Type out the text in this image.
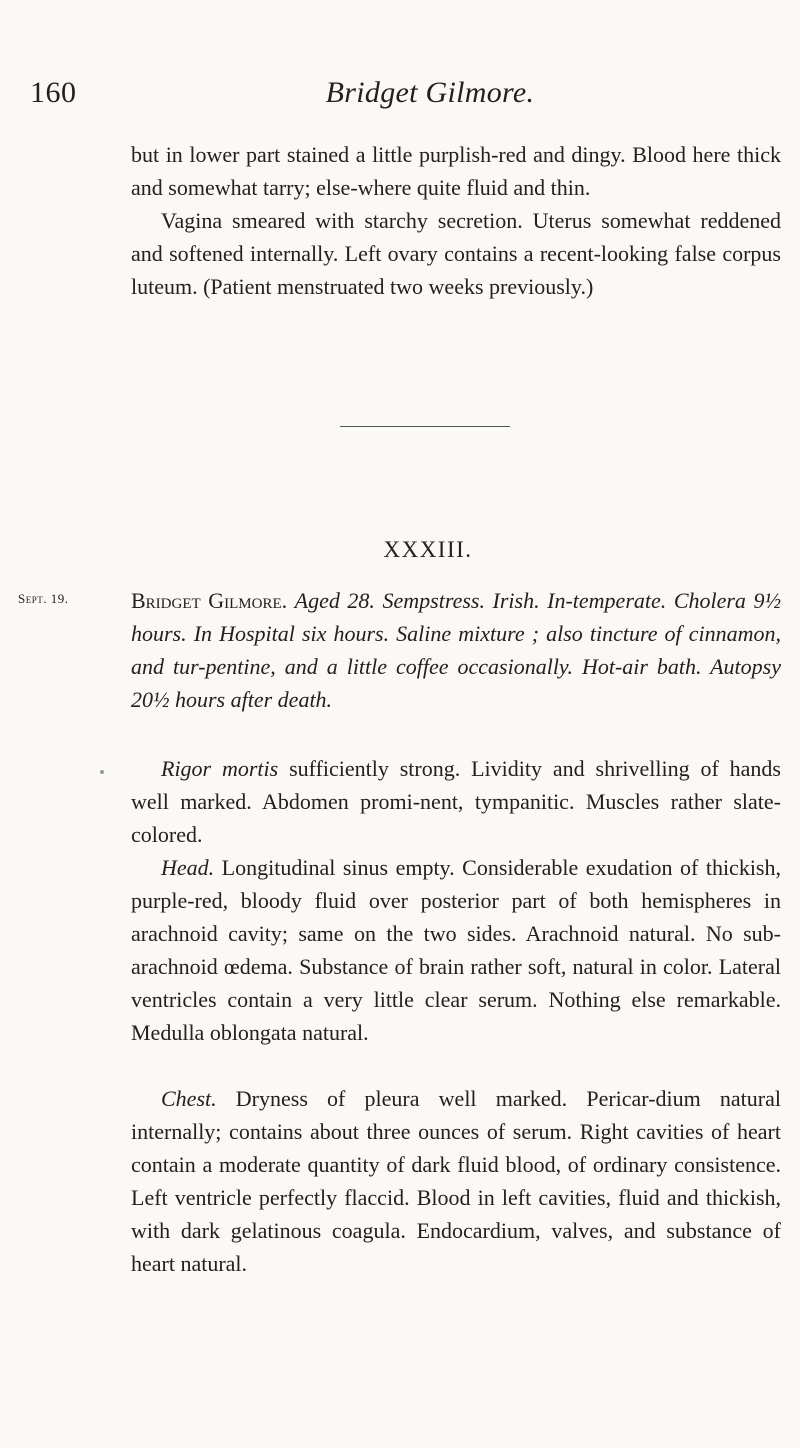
160	Bridget Gilmore.

but in lower part stained a little purplish-red and dingy. Blood here thick and somewhat tarry; else-where quite fluid and thin.

Vagina smeared with starchy secretion. Uterus somewhat reddened and softened internally. Left ovary contains a recent-looking false corpus luteum. (Patient menstruated two weeks previously.)

XXXIII.
Sept. 19.	Bridget Gilmore. Aged 28. Sempstress. Irish. In-temperate. Cholera 9½ hours. In Hospital six hours. Saline mixture ; also tincture of cinnamon, and tur-pentine, and a little coffee occasionally. Hot-air bath. Autopsy 20½ hours after death.

Rigor mortis sufficiently strong. Lividity and shrivelling of hands well marked. Abdomen promi-nent, tympanitic. Muscles rather slate-colored.

Head. Longitudinal sinus empty. Considerable exudation of thickish, purple-red, bloody fluid over posterior part of both hemispheres in arachnoid cavity; same on the two sides. Arachnoid natural. No sub-arachnoid œdema. Substance of brain rather soft, natural in color. Lateral ventricles contain a very little clear serum. Nothing else remarkable. Medulla oblongata natural.

Chest. Dryness of pleura well marked. Pericar-dium natural internally; contains about three ounces of serum. Right cavities of heart contain a moderate quantity of dark fluid blood, of ordinary consistence. Left ventricle perfectly flaccid. Blood in left cavities, fluid and thickish, with dark gelatinous coagula. Endocardium, valves, and substance of heart natural.
